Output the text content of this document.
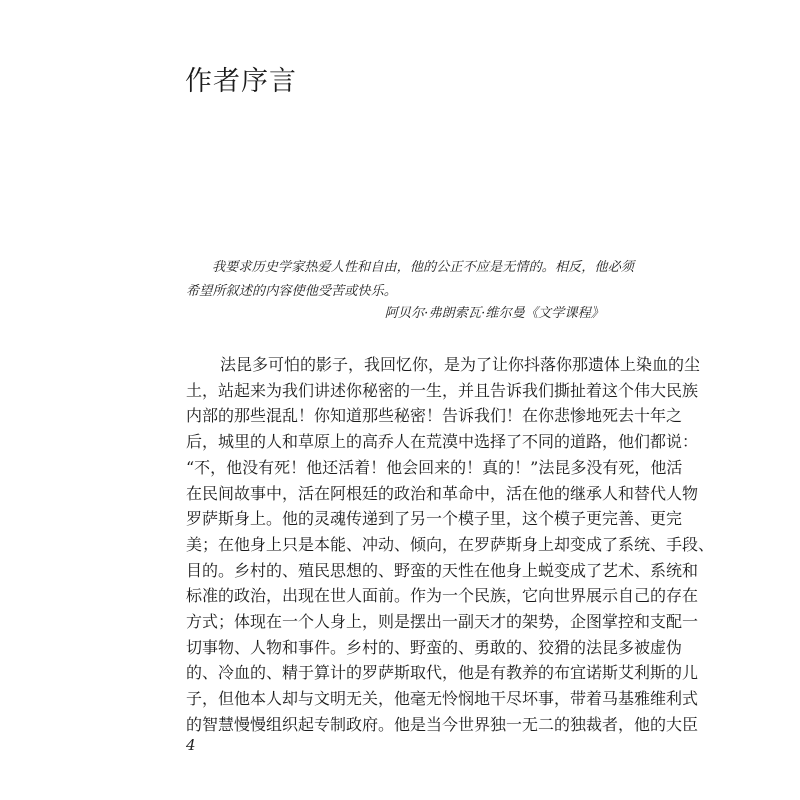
作者序言
我要求历史学家热爱人性和自由，他的公正不应是无情的。相反，他必须
希望所叙述的内容使他受苦或快乐。
阿贝尔·弗朗索瓦·维尔曼《文学课程》
法昆多可怕的影子，我回忆你，是为了让你抖落你那遗体上染血的尘
土，站起来为我们讲述你秘密的一生，并且告诉我们撕扯着这个伟大民族
内部的那些混乱！你知道那些秘密！告诉我们！在你悲惨地死去十年之
后，城里的人和草原上的高乔人在荒漠中选择了不同的道路，他们都说：
“不，他没有死！他还活着！他会回来的！真的！”法昆多没有死，他活
在民间故事中，活在阿根廷的政治和革命中，活在他的继承人和替代人物
罗萨斯身上。他的灵魂传递到了另一个模子里，这个模子更完善、更完
美；在他身上只是本能、冲动、倾向，在罗萨斯身上却变成了系统、手段、
目的。乡村的、殖民思想的、野蛮的天性在他身上蜕变成了艺术、系统和
标准的政治，出现在世人面前。作为一个民族，它向世界展示自己的存在
方式；体现在一个人身上，则是摆出一副天才的架势，企图掌控和支配一
切事物、人物和事件。乡村的、野蛮的、勇敢的、狡猾的法昆多被虚伪
的、冷血的、精于算计的罗萨斯取代，他是有教养的布宜诺斯艾利斯的儿
子，但他本人却与文明无关，他毫无怜悯地干尽坏事，带着马基雅维利式
的智慧慢慢组织起专制政府。他是当今世界独一无二的独裁者，他的大臣
4
